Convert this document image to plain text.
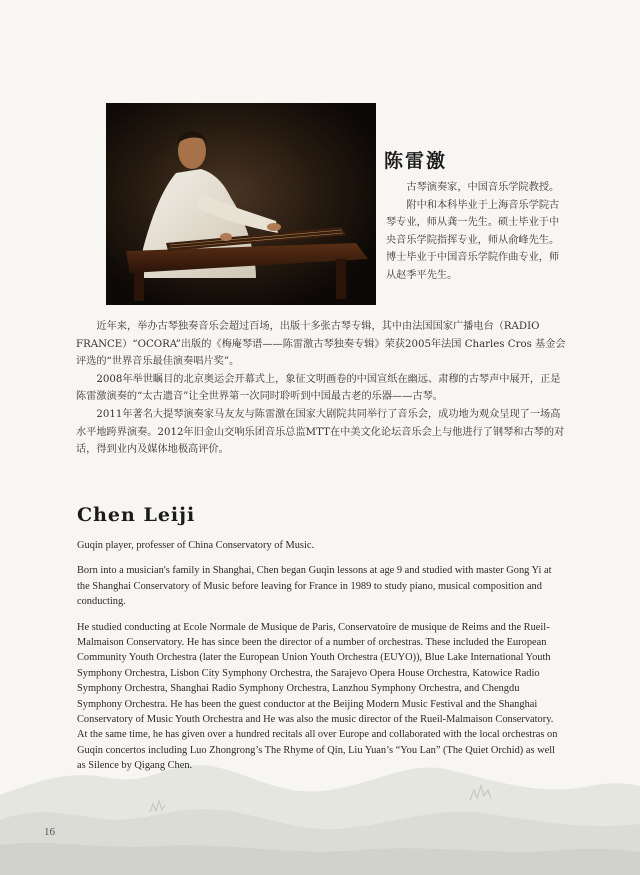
陈雷激

古琴演奏家，中国音乐学院教授。

附中和本科毕业于上海音乐学院古琴专业，师从龚一先生。硕士毕业于中央音乐学院指挥专业，师从俞峰先生。博士毕业于中国音乐学院作曲专业，师从赵季平先生。

近年来，举办古琴独奏音乐会超过百场，出版十多张古琴专辑，其中由法国国家广播电台（RADIO FRANCE）“OCORA”出版的《梅庵琴谱——陈雷激古琴独奏专辑》荣获2005年法国 Charles Cros 基金会评选的“世界音乐最佳演奏唱片奖”。

2008年举世瞩目的北京奥运会开幕式上，象征文明画卷的中国宣纸在幽远、肃穆的古琴声中展开，正是陈雷激演奏的“太古遗音”让全世界第一次同时聆听到中国最古老的乐器——古琴。

2011年著名大提琴演奏家马友友与陈雷激在国家大剧院共同举行了音乐会，成功地为观众呈现了一场高水平地跨界演奏。2012年旧金山交响乐团音乐总监MTT在中美文化论坛音乐会上与他进行了钢琴和古琴的对话，得到业内及媒体地极高评价。

Chen Leiji

Guqin player, professer of China Conservatory of Music.

Born into a musician's family in Shanghai, Chen began Guqin lessons at age 9 and studied with master Gong Yi at the Shanghai Conservatory of Music before leaving for France in 1989 to study piano, musical composition and conducting.

He studied conducting at Ecole Normale de Musique de Paris, Conservatoire de musique de Reims and the Rueil-Malmaison Conservatory. He has since been the director of a number of orchestras. These included the European Community Youth Orchestra (later the European Union Youth Orchestra (EUYO)), Blue Lake International Youth Symphony Orchestra, Lisbon City Symphony Orchestra, the Sarajevo Opera House Orchestra, Katowice Radio Symphony Orchestra, Shanghai Radio Symphony Orchestra, Lanzhou Symphony Orchestra, and Chengdu Symphony Orchestra. He has been the guest conductor at the Beijing Modern Music Festival and the Shanghai Conservatory of Music Youth Orchestra and He was also the music director of the Rueil-Malmaison Conservatory. At the same time, he has given over a hundred recitals all over Europe and collaborated with the local orchestras on Guqin concertos including Luo Zhongrong’s The Rhyme of Qin, Liu Yuan’s “You Lan” (The Quiet Orchid) as well as Silence by Qigang Chen.

16
